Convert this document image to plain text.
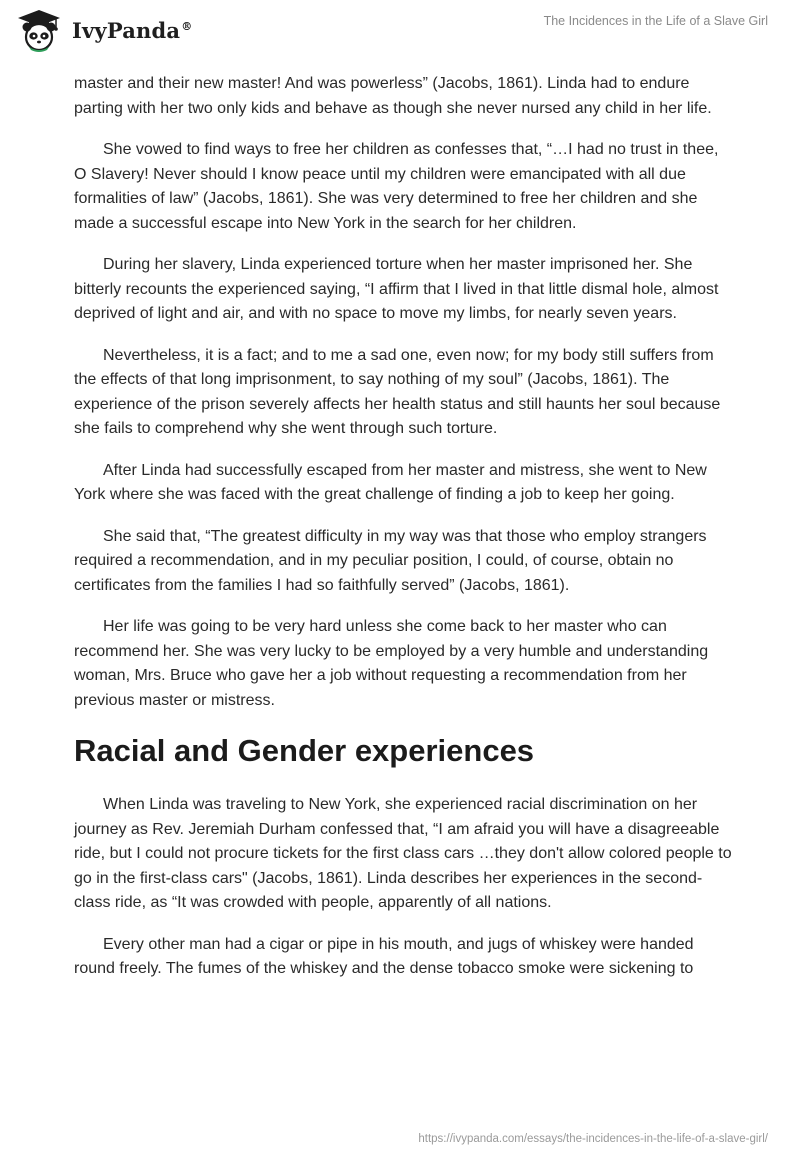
IvyPanda®	The Incidences in the Life of a Slave Girl

master and their new master! And was powerless” (Jacobs, 1861). Linda had to endure parting with her two only kids and behave as though she never nursed any child in her life.

She vowed to find ways to free her children as confesses that, “…I had no trust in thee, O Slavery! Never should I know peace until my children were emancipated with all due formalities of law” (Jacobs, 1861). She was very determined to free her children and she made a successful escape into New York in the search for her children.

During her slavery, Linda experienced torture when her master imprisoned her. She bitterly recounts the experienced saying, “I affirm that I lived in that little dismal hole, almost deprived of light and air, and with no space to move my limbs, for nearly seven years.

Nevertheless, it is a fact; and to me a sad one, even now; for my body still suffers from the effects of that long imprisonment, to say nothing of my soul” (Jacobs, 1861). The experience of the prison severely affects her health status and still haunts her soul because she fails to comprehend why she went through such torture.

After Linda had successfully escaped from her master and mistress, she went to New York where she was faced with the great challenge of finding a job to keep her going.

She said that, “The greatest difficulty in my way was that those who employ strangers required a recommendation, and in my peculiar position, I could, of course, obtain no certificates from the families I had so faithfully served” (Jacobs, 1861).

Her life was going to be very hard unless she come back to her master who can recommend her. She was very lucky to be employed by a very humble and understanding woman, Mrs. Bruce who gave her a job without requesting a recommendation from her previous master or mistress.

Racial and Gender experiences

When Linda was traveling to New York, she experienced racial discrimination on her journey as Rev. Jeremiah Durham confessed that, “I am afraid you will have a disagreeable ride, but I could not procure tickets for the first class cars …they don't allow colored people to go in the first-class cars" (Jacobs, 1861). Linda describes her experiences in the second- class ride, as “It was crowded with people, apparently of all nations.

Every other man had a cigar or pipe in his mouth, and jugs of whiskey were handed round freely. The fumes of the whiskey and the dense tobacco smoke were sickening to

https://ivypanda.com/essays/the-incidences-in-the-life-of-a-slave-girl/
